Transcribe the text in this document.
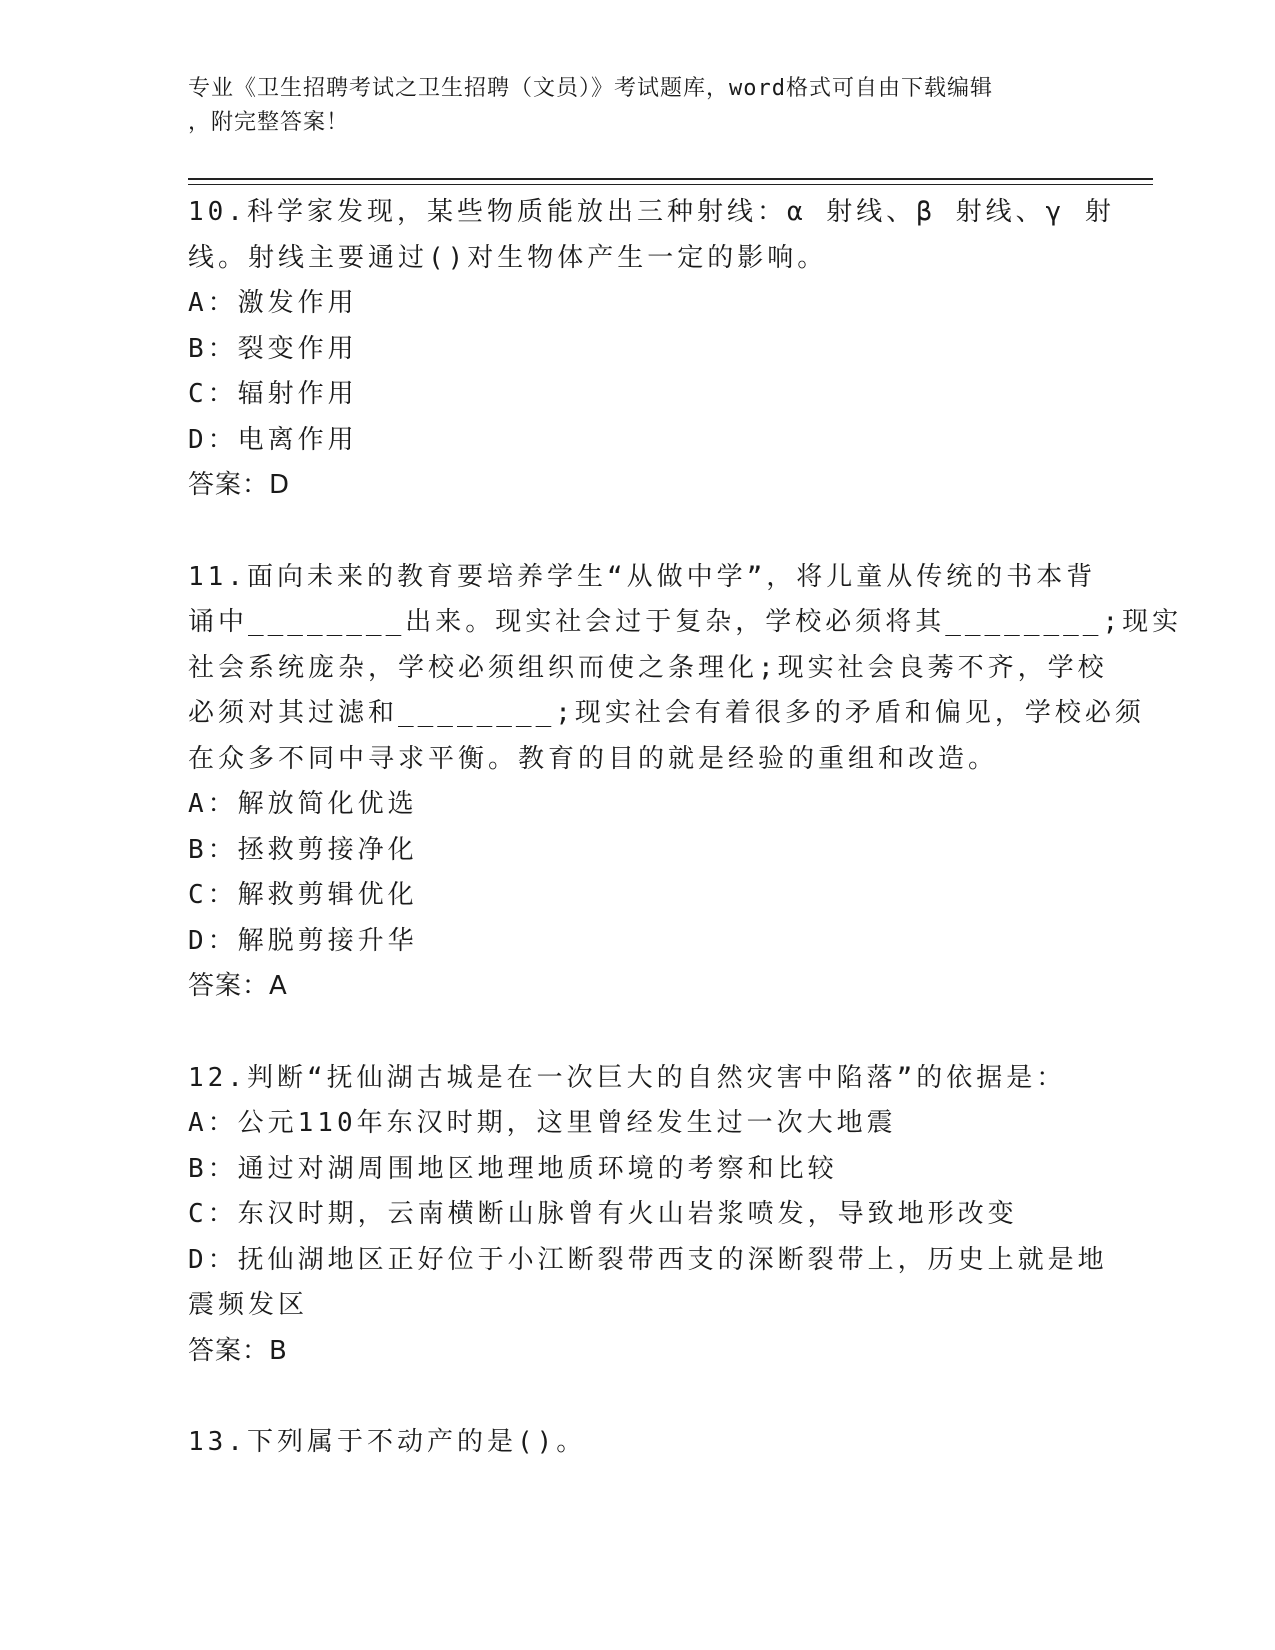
专业《卫生招聘考试之卫生招聘（文员）》考试题库，word格式可自由下载编辑
，附完整答案！

10.科学家发现，某些物质能放出三种射线：α 射线、β 射线、γ 射

线。射线主要通过()对生物体产生一定的影响。

A：激发作用

B：裂变作用

C：辐射作用

D：电离作用

答案：D

11.面向未来的教育要培养学生“从做中学”，将儿童从传统的书本背

诵中________出来。现实社会过于复杂，学校必须将其________;现实

社会系统庞杂，学校必须组织而使之条理化;现实社会良莠不齐，学校

必须对其过滤和________;现实社会有着很多的矛盾和偏见，学校必须

在众多不同中寻求平衡。教育的目的就是经验的重组和改造。

A：解放简化优选

B：拯救剪接净化

C：解救剪辑优化

D：解脱剪接升华

答案：A

12.判断“抚仙湖古城是在一次巨大的自然灾害中陷落”的依据是：

A：公元110年东汉时期，这里曾经发生过一次大地震

B：通过对湖周围地区地理地质环境的考察和比较

C：东汉时期，云南横断山脉曾有火山岩浆喷发，导致地形改变

D：抚仙湖地区正好位于小江断裂带西支的深断裂带上，历史上就是地

震频发区

答案：B

13.下列属于不动产的是()。
